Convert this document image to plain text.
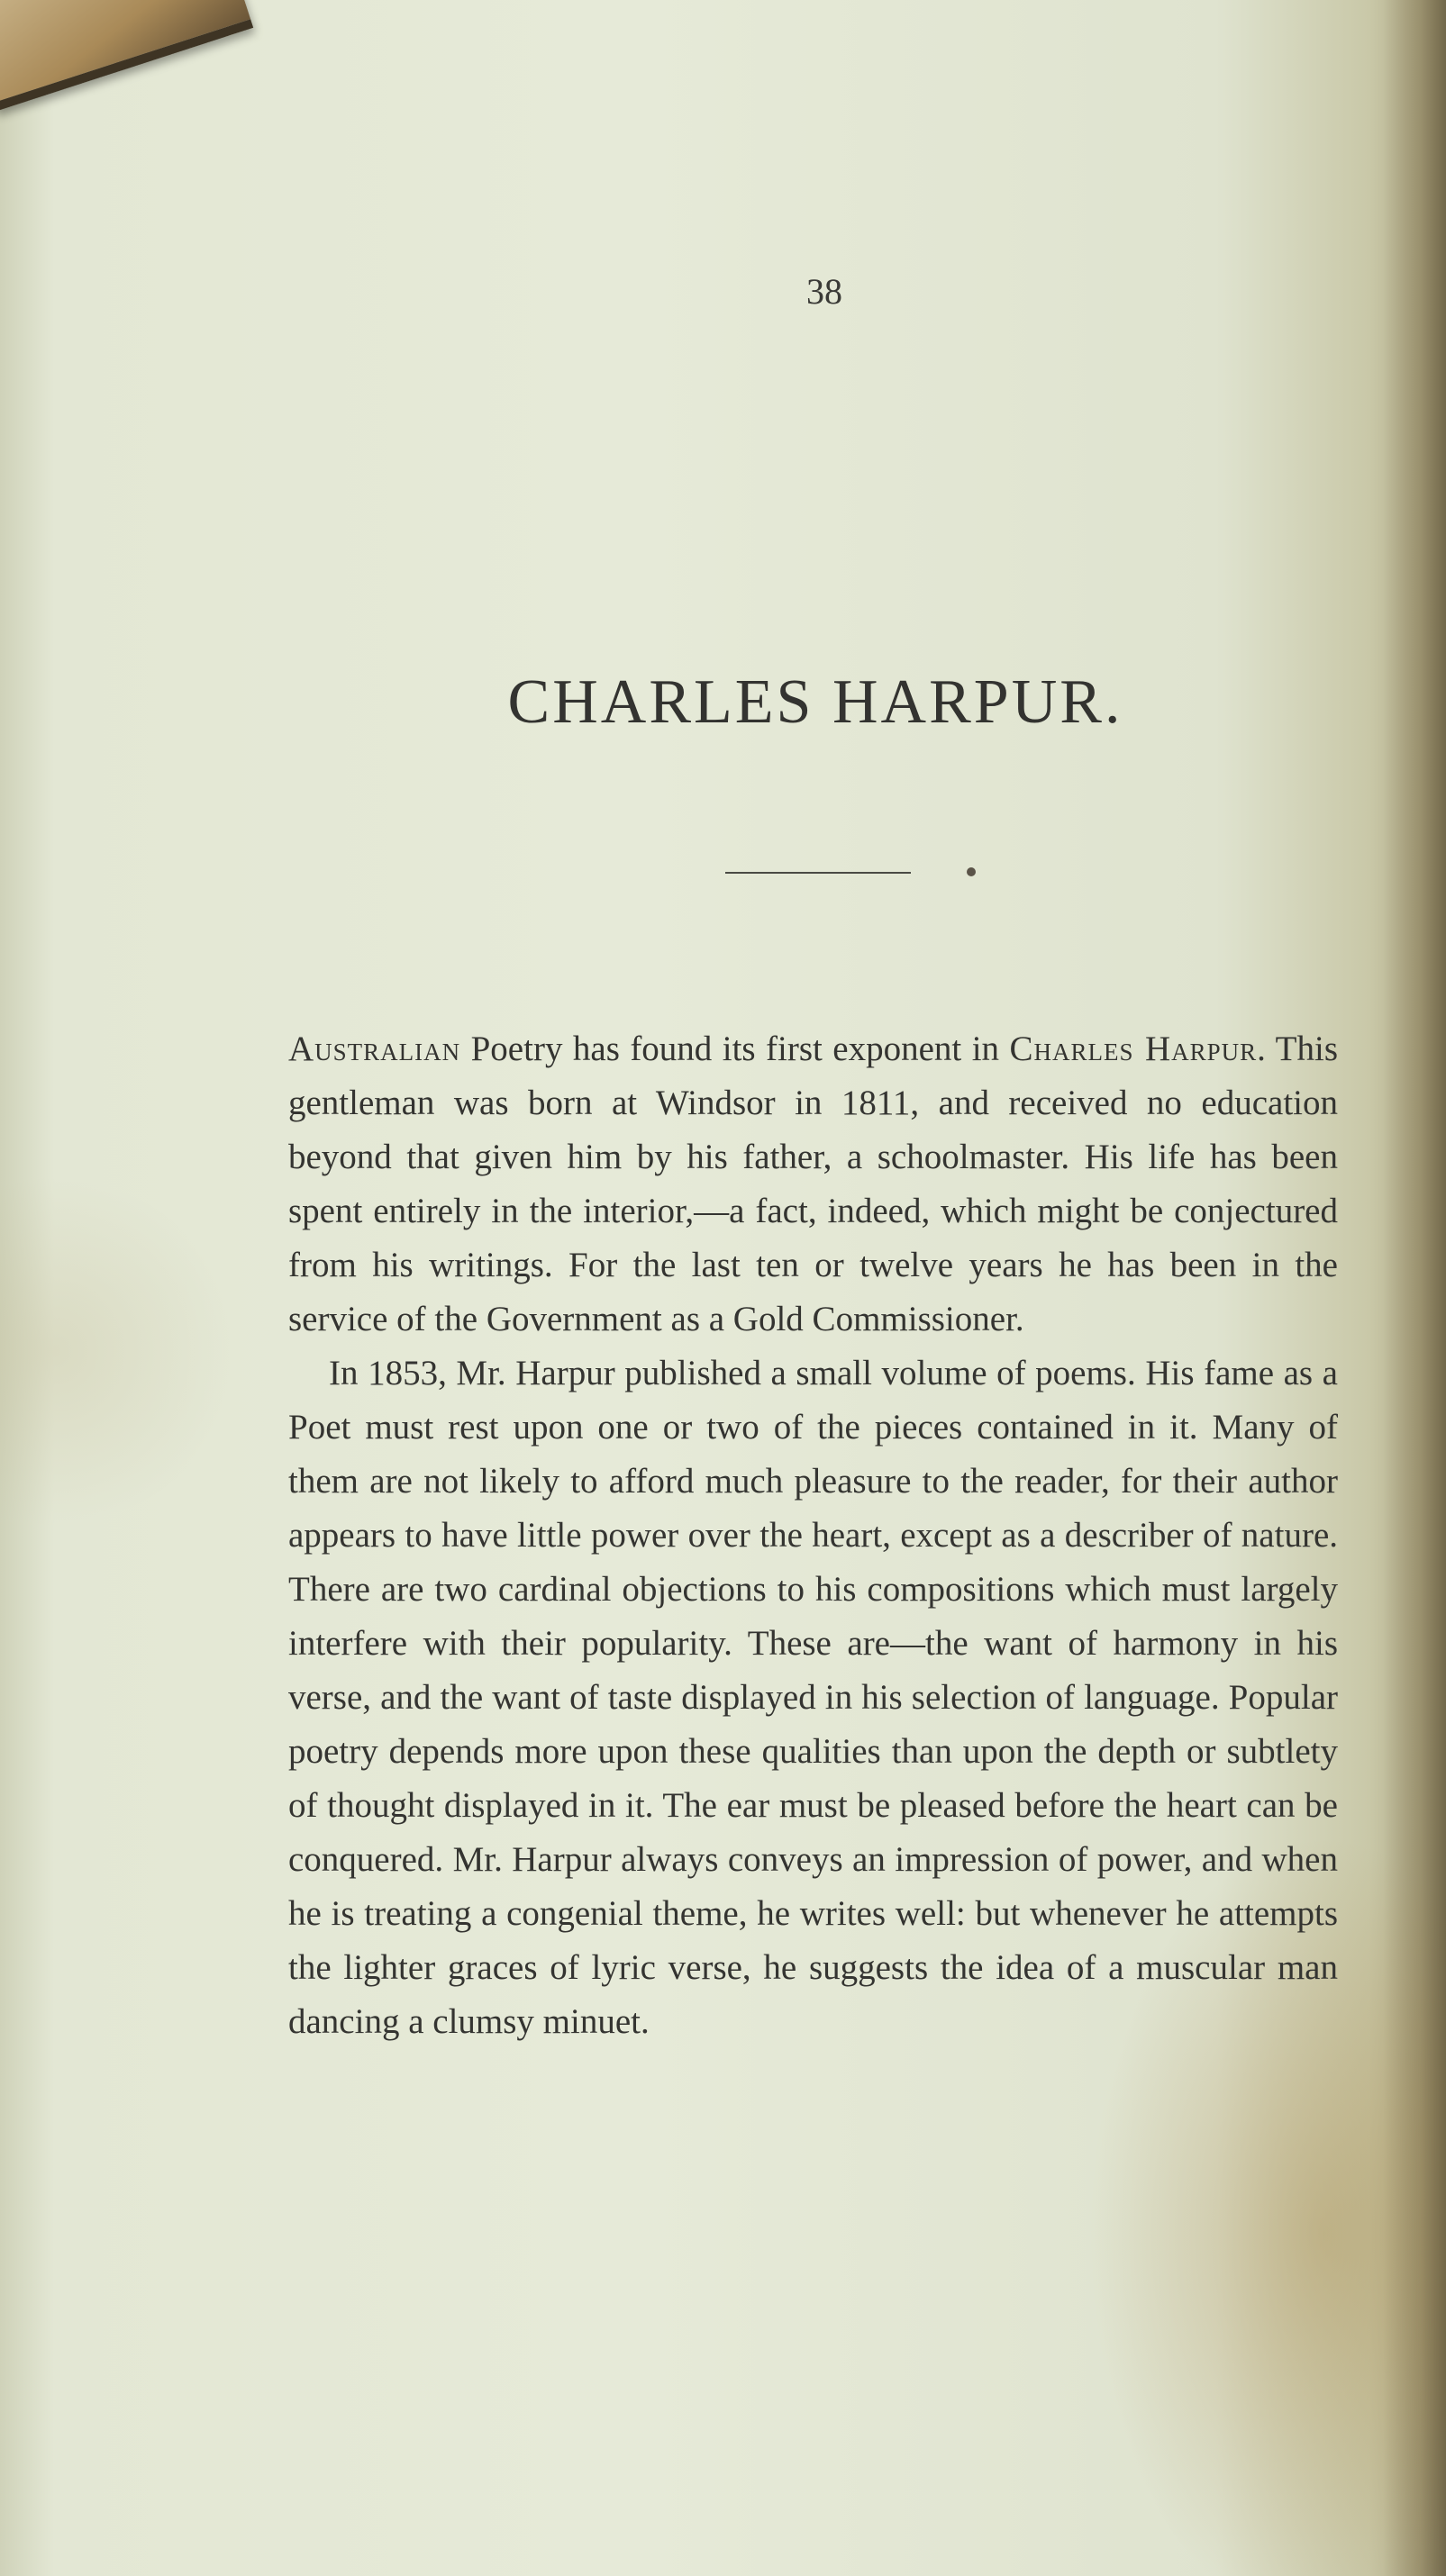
38
CHARLES HARPUR.

Australian Poetry has found its first exponent in Charles Harpur. This gentleman was born at Windsor in 1811, and received no education beyond that given him by his father, a schoolmaster. His life has been spent entirely in the interior,—a fact, indeed, which might be conjectured from his writings. For the last ten or twelve years he has been in the service of the Government as a Gold Commissioner.

In 1853, Mr. Harpur published a small volume of poems. His fame as a Poet must rest upon one or two of the pieces contained in it. Many of them are not likely to afford much pleasure to the reader, for their author appears to have little power over the heart, except as a describer of nature. There are two cardinal objections to his compositions which must largely interfere with their popularity. These are—the want of harmony in his verse, and the want of taste displayed in his selection of language. Popular poetry depends more upon these qualities than upon the depth or subtlety of thought displayed in it. The ear must be pleased before the heart can be conquered. Mr. Harpur always conveys an impression of power, and when he is treating a congenial theme, he writes well: but whenever he attempts the lighter graces of lyric verse, he suggests the idea of a muscular man dancing a clumsy minuet.
